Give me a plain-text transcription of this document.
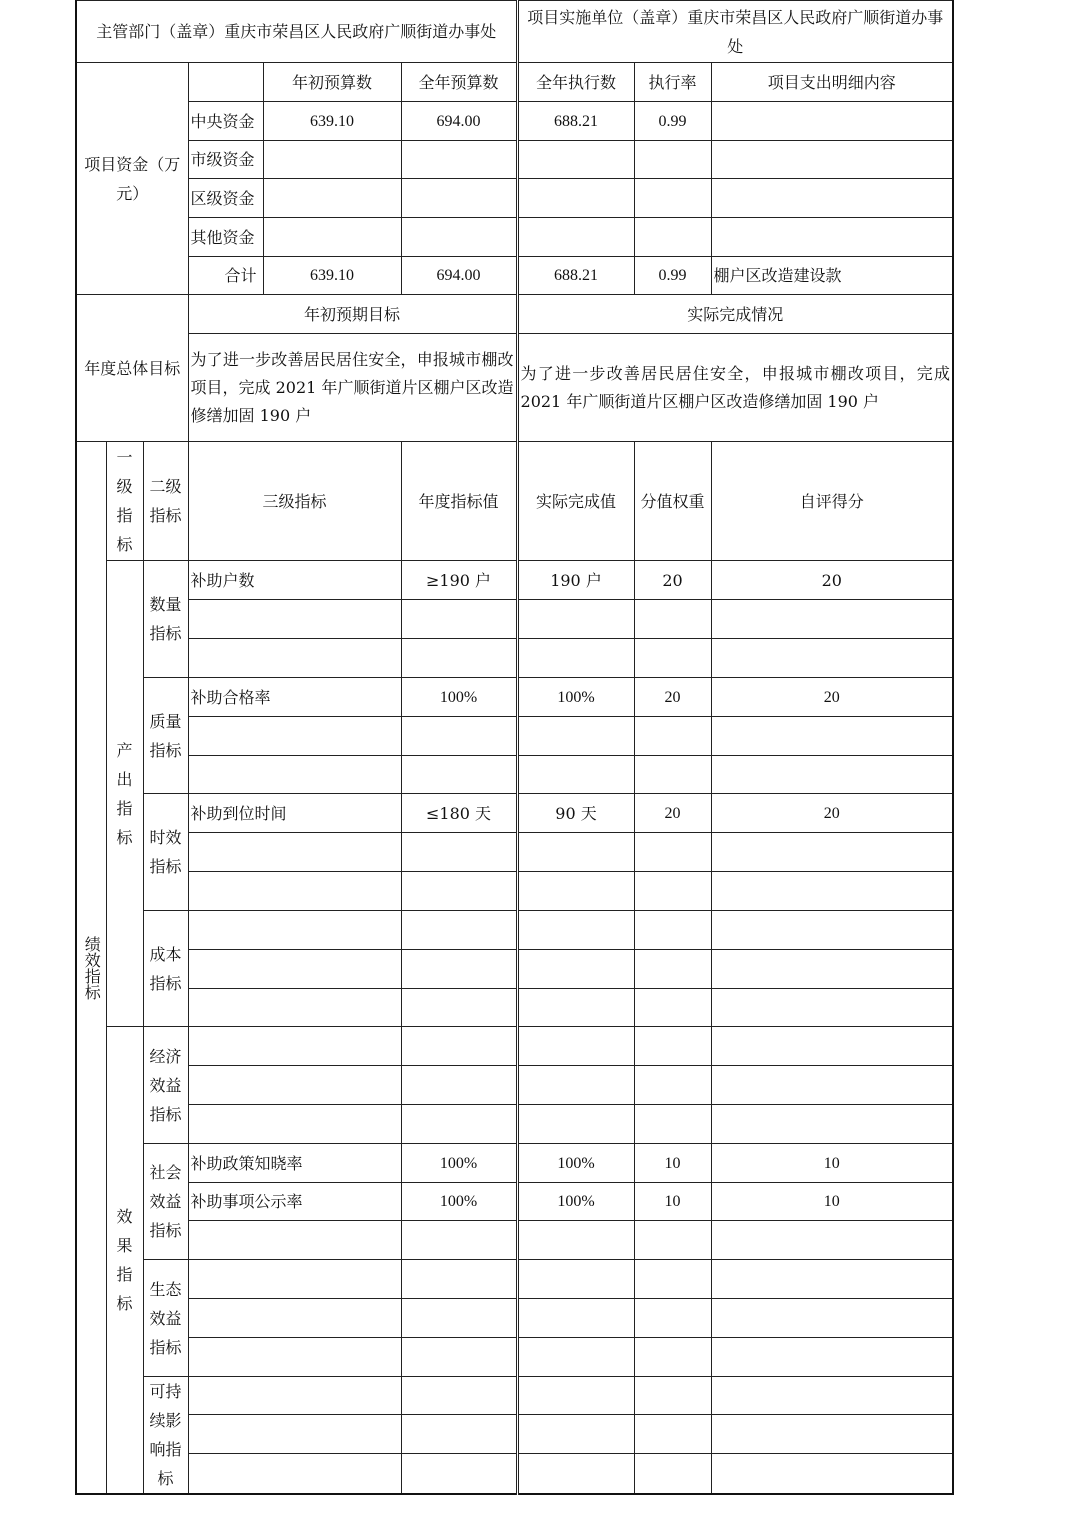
主管部门（盖章）重庆市荣昌区人民政府广顺街道办事处						项目实施单位（盖章）重庆市荣昌区人民政府广顺街道办事处		
项目资金（万元）				年初预算数	全年预算数	全年执行数	执行率	项目支出明细内容
			中央资金	639.10	694.00	688.21	0.99	
			市级资金					
			区级资金					
			其他资金					
			合计	639.10	694.00	688.21	0.99	棚户区改造建设款
年度总体目标			年初预期目标			实际完成情况		
			为了进一步改善居民居住安全，申报城市棚改项目，完成 2021 年广顺街道片区棚户区改造修缮加固 190 户			为了进一步改善居民居住安全，申报城市棚改项目，完成 2021 年广顺街道片区棚户区改造修缮加固 190 户		

绩效指标	一级指标	二级指标	三级指标		年度指标值	实际完成值	分值权重	自评得分
	产出指标	数量指标	补助户数		≥190 户	190 户	20	20

		质量指标	补助合格率		100%	100%	20	20

		时效指标	补助到位时间		≤180 天	90 天	20	20

		成本指标						

	效果指标	经济效益指标						

		社会效益指标	补助政策知晓率		100%	100%	10	10
			补助事项公示率		100%	100%	10	10

		生态效益指标						

		可持续影响指标						
